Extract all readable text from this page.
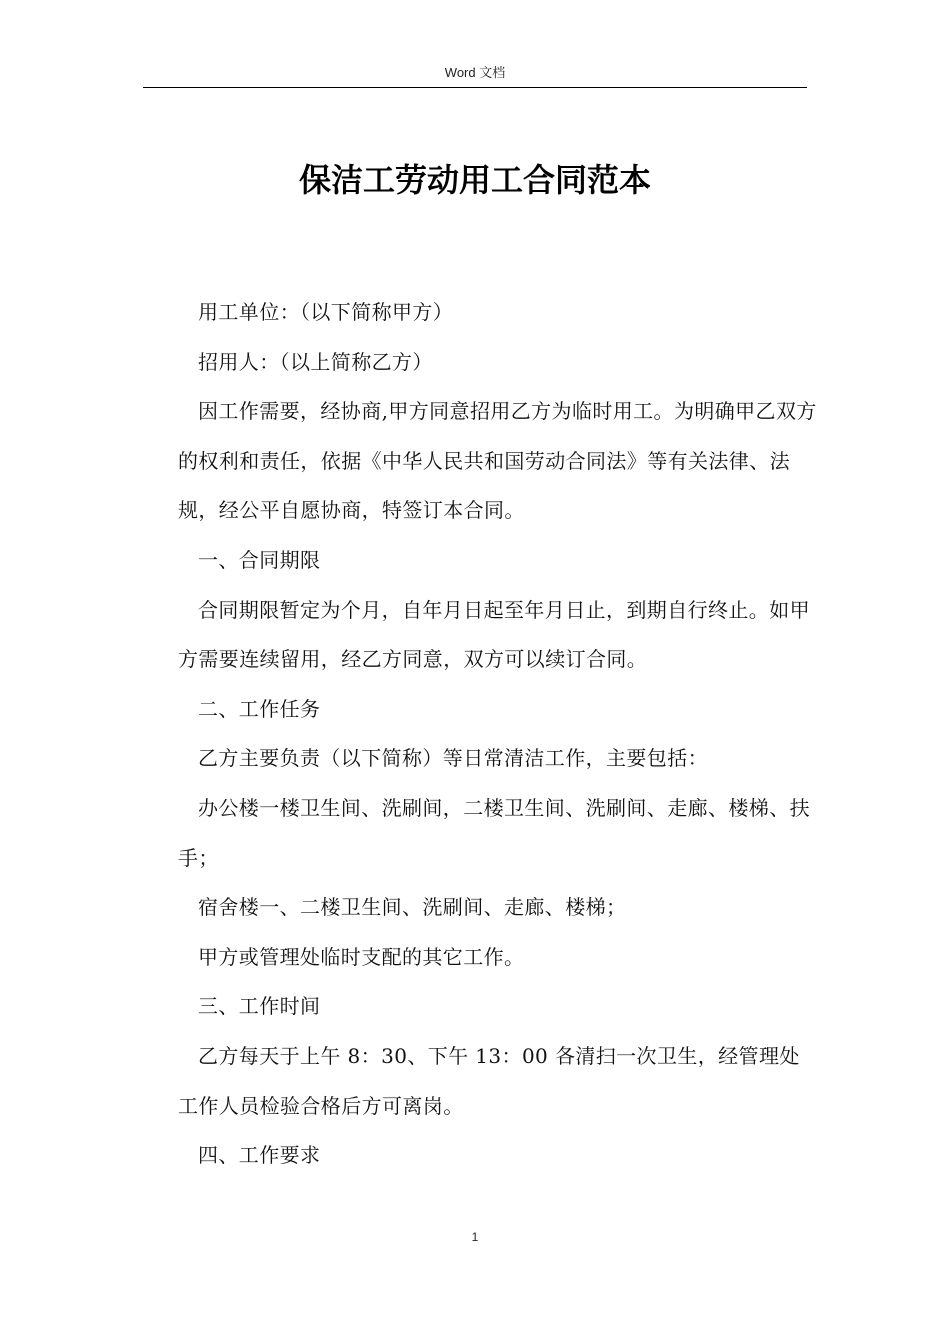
Word 文档
保洁工劳动用工合同范本

用工单位：（以下简称甲方）

招用人：（以上简称乙方）

因工作需要，经协商,甲方同意招用乙方为临时用工。为明确甲乙双方的权利和责任，依据《中华人民共和国劳动合同法》等有关法律、法规，经公平自愿协商，特签订本合同。

一、合同期限

合同期限暂定为个月，自年月日起至年月日止，到期自行终止。如甲方需要连续留用，经乙方同意，双方可以续订合同。

二、工作任务

乙方主要负责（以下简称）等日常清洁工作，主要包括：

办公楼一楼卫生间、洗刷间，二楼卫生间、洗刷间、走廊、楼梯、扶手；

宿舍楼一、二楼卫生间、洗刷间、走廊、楼梯；

甲方或管理处临时支配的其它工作。

三、工作时间

乙方每天于上午 8：30、下午 13：00 各清扫一次卫生，经管理处工作人员检验合格后方可离岗。

四、工作要求

1
